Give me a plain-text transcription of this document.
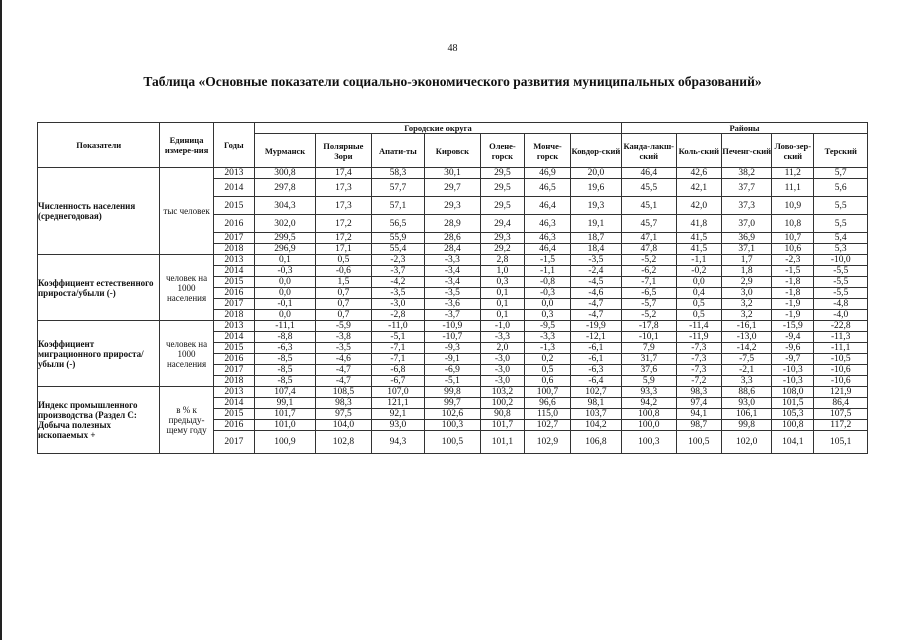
48
Таблица «Основные показатели социально-экономического развития муниципальных образований»
Показатели	Единица измере-ния	Годы	Городские округа							Районы				
			Мурманск	Полярные Зори	Апати-ты	Кировск	Олене-горск	Монче-горск	Ковдор-ский	Канда-лакш-ский	Коль-ский	Печенг-ский	Лово-зер-ский	Терский
Численность населения (среднегодовая)	тыс человек	2013	300,8	17,4	58,3	30,1	29,5	46,9	20,0	46,4	42,6	38,2	11,2	5,7
		2014	297,8	17,3	57,7	29,7	29,5	46,5	19,6	45,5	42,1	37,7	11,1	5,6
		2015	304,3	17,3	57,1	29,3	29,5	46,4	19,3	45,1	42,0	37,3	10,9	5,5
		2016	302,0	17,2	56,5	28,9	29,4	46,3	19,1	45,7	41,8	37,0	10,8	5,5
		2017	299,5	17,2	55,9	28,6	29,3	46,3	18,7	47,1	41,5	36,9	10,7	5,4
		2018	296,9	17,1	55,4	28,4	29,2	46,4	18,4	47,8	41,5	37,1	10,6	5,3
Коэффициент естественного прироста/убыли (-)	человек на 1000 населения	2013	0,1	0,5	-2,3	-3,3	2,8	-1,5	-3,5	-5,2	-1,1	1,7	-2,3	-10,0
		2014	-0,3	-0,6	-3,7	-3,4	1,0	-1,1	-2,4	-6,2	-0,2	1,8	-1,5	-5,5
		2015	0,0	1,5	-4,2	-3,4	0,3	-0,8	-4,5	-7,1	0,0	2,9	-1,8	-5,5
		2016	0,0	0,7	-3,5	-3,5	0,1	-0,3	-4,6	-6,5	0,4	3,0	-1,8	-5,5
		2017	-0,1	0,7	-3,0	-3,6	0,1	0,0	-4,7	-5,7	0,5	3,2	-1,9	-4,8
		2018	0,0	0,7	-2,8	-3,7	0,1	0,3	-4,7	-5,2	0,5	3,2	-1,9	-4,0
Коэффициент миграционного прироста/убыли (-)	человек на 1000 населения	2013	-11,1	-5,9	-11,0	-10,9	-1,0	-9,5	-19,9	-17,8	-11,4	-16,1	-15,9	-22,8
		2014	-8,8	-3,8	-5,1	-10,7	-3,3	-3,3	-12,1	-10,1	-11,9	-13,0	-9,4	-11,3
		2015	-6,3	-3,5	-7,1	-9,3	2,0	-1,3	-6,1	7,9	-7,3	-14,2	-9,6	-11,1
		2016	-8,5	-4,6	-7,1	-9,1	-3,0	0,2	-6,1	31,7	-7,3	-7,5	-9,7	-10,5
		2017	-8,5	-4,7	-6,8	-6,9	-3,0	0,5	-6,3	37,6	-7,3	-2,1	-10,3	-10,6
		2018	-8,5	-4,7	-6,7	-5,1	-3,0	0,6	-6,4	5,9	-7,2	3,3	-10,3	-10,6
Индекс промышленного производства (Раздел С: Добыча полезных ископаемых +	в % к предыду-щему году	2013	107,4	108,5	107,0	99,8	103,2	100,7	102,7	93,3	98,3	88,6	108,0	121,9
		2014	99,1	98,3	121,1	99,7	100,2	96,6	98,1	94,2	97,4	93,0	101,5	86,4
		2015	101,7	97,5	92,1	102,6	90,8	115,0	103,7	100,8	94,1	106,1	105,3	107,5
		2016	101,0	104,0	93,0	100,3	101,7	102,7	104,2	100,0	98,7	99,8	100,8	117,2
		2017	100,9	102,8	94,3	100,5	101,1	102,9	106,8	100,3	100,5	102,0	104,1	105,1
